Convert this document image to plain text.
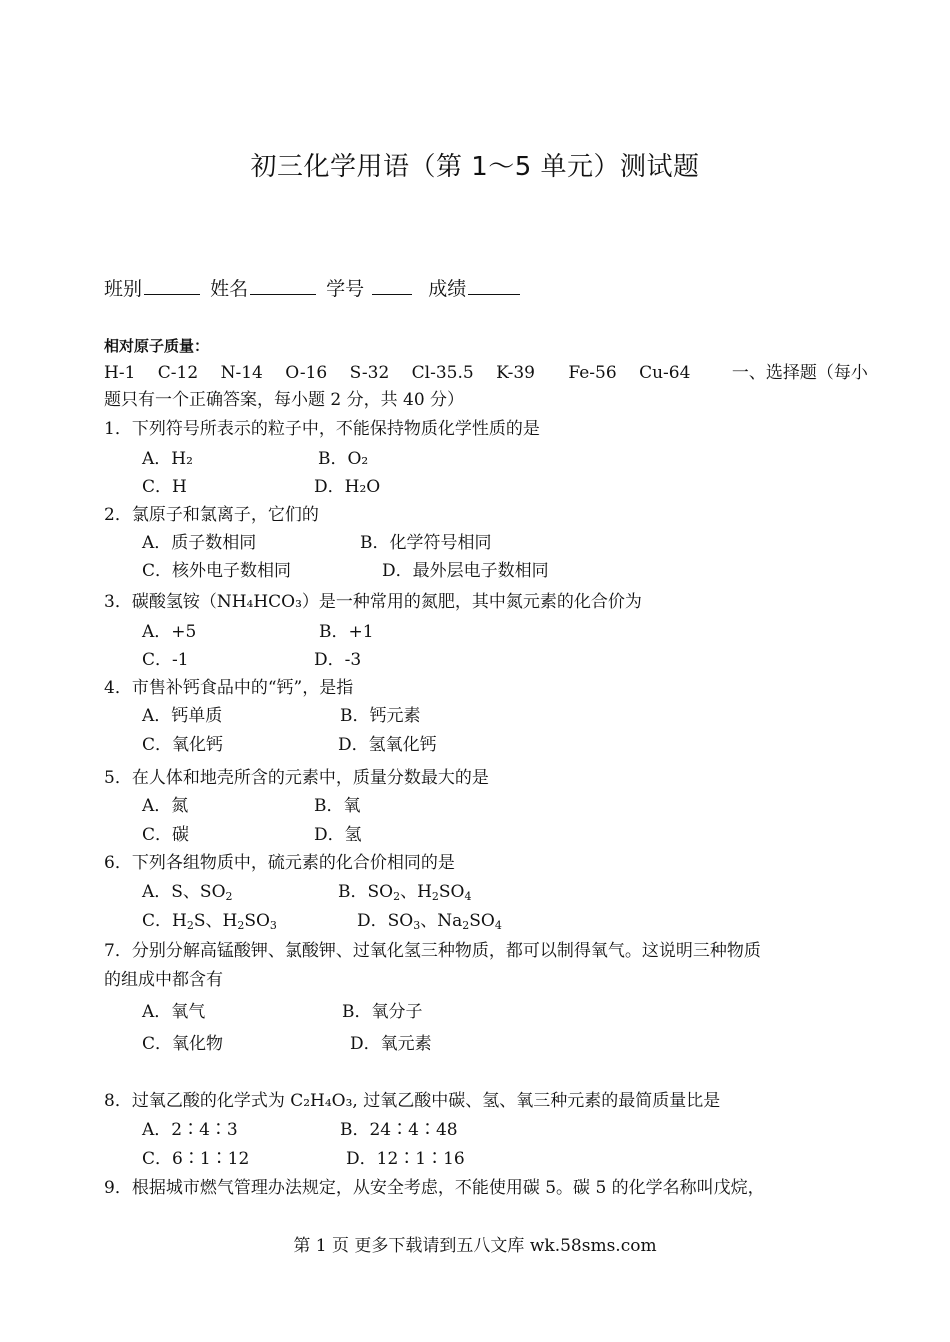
初三化学用语（第 1～5 单元）测试题
班别	姓名	学号	成绩
相对原子质量：
H-1 C-12 N-14 O-16 S-32 Cl-35.5 K-39 Fe-56 Cu-64 一、选择题（每小
题只有一个正确答案，每小题 2 分，共 40 分）
1．下列符号所表示的粒子中，不能保持物质化学性质的是
A．H₂	B．O₂
C．H	D．H₂O
2．氯原子和氯离子，它们的
A．质子数相同	B．化学符号相同
C．核外电子数相同	D．最外层电子数相同
3．碳酸氢铵（NH₄HCO₃）是一种常用的氮肥，其中氮元素的化合价为
A．+5	B．+1
C．-1	D．-3
4．市售补钙食品中的“钙”，是指
A．钙单质	B．钙元素
C．氧化钙	D．氢氧化钙
5．在人体和地壳所含的元素中，质量分数最大的是
A．氮	B．氧
C．碳	D．氢
6．下列各组物质中，硫元素的化合价相同的是
A．S、$SO_2$	B．$SO_2$、$H_2SO_4$
C．$H_2S$、$H_2SO_3$	D．$SO_3$、$Na_2SO_4$
7．分别分解高锰酸钾、氯酸钾、过氧化氢三种物质，都可以制得氧气。这说明三种物质
的组成中都含有
A．氧气	B．氧分子
C．氧化物	D．氧元素
8．过氧乙酸的化学式为 C₂H₄O₃, 过氧乙酸中碳、氢、氧三种元素的最简质量比是
A．2∶4∶3	B．24∶4∶48
C．6∶1∶12	D．12∶1∶16
9．根据城市燃气管理办法规定，从安全考虑，不能使用碳 5。碳 5 的化学名称叫戊烷，
第 1 页 更多下载请到五八文库 wk.58sms.com
